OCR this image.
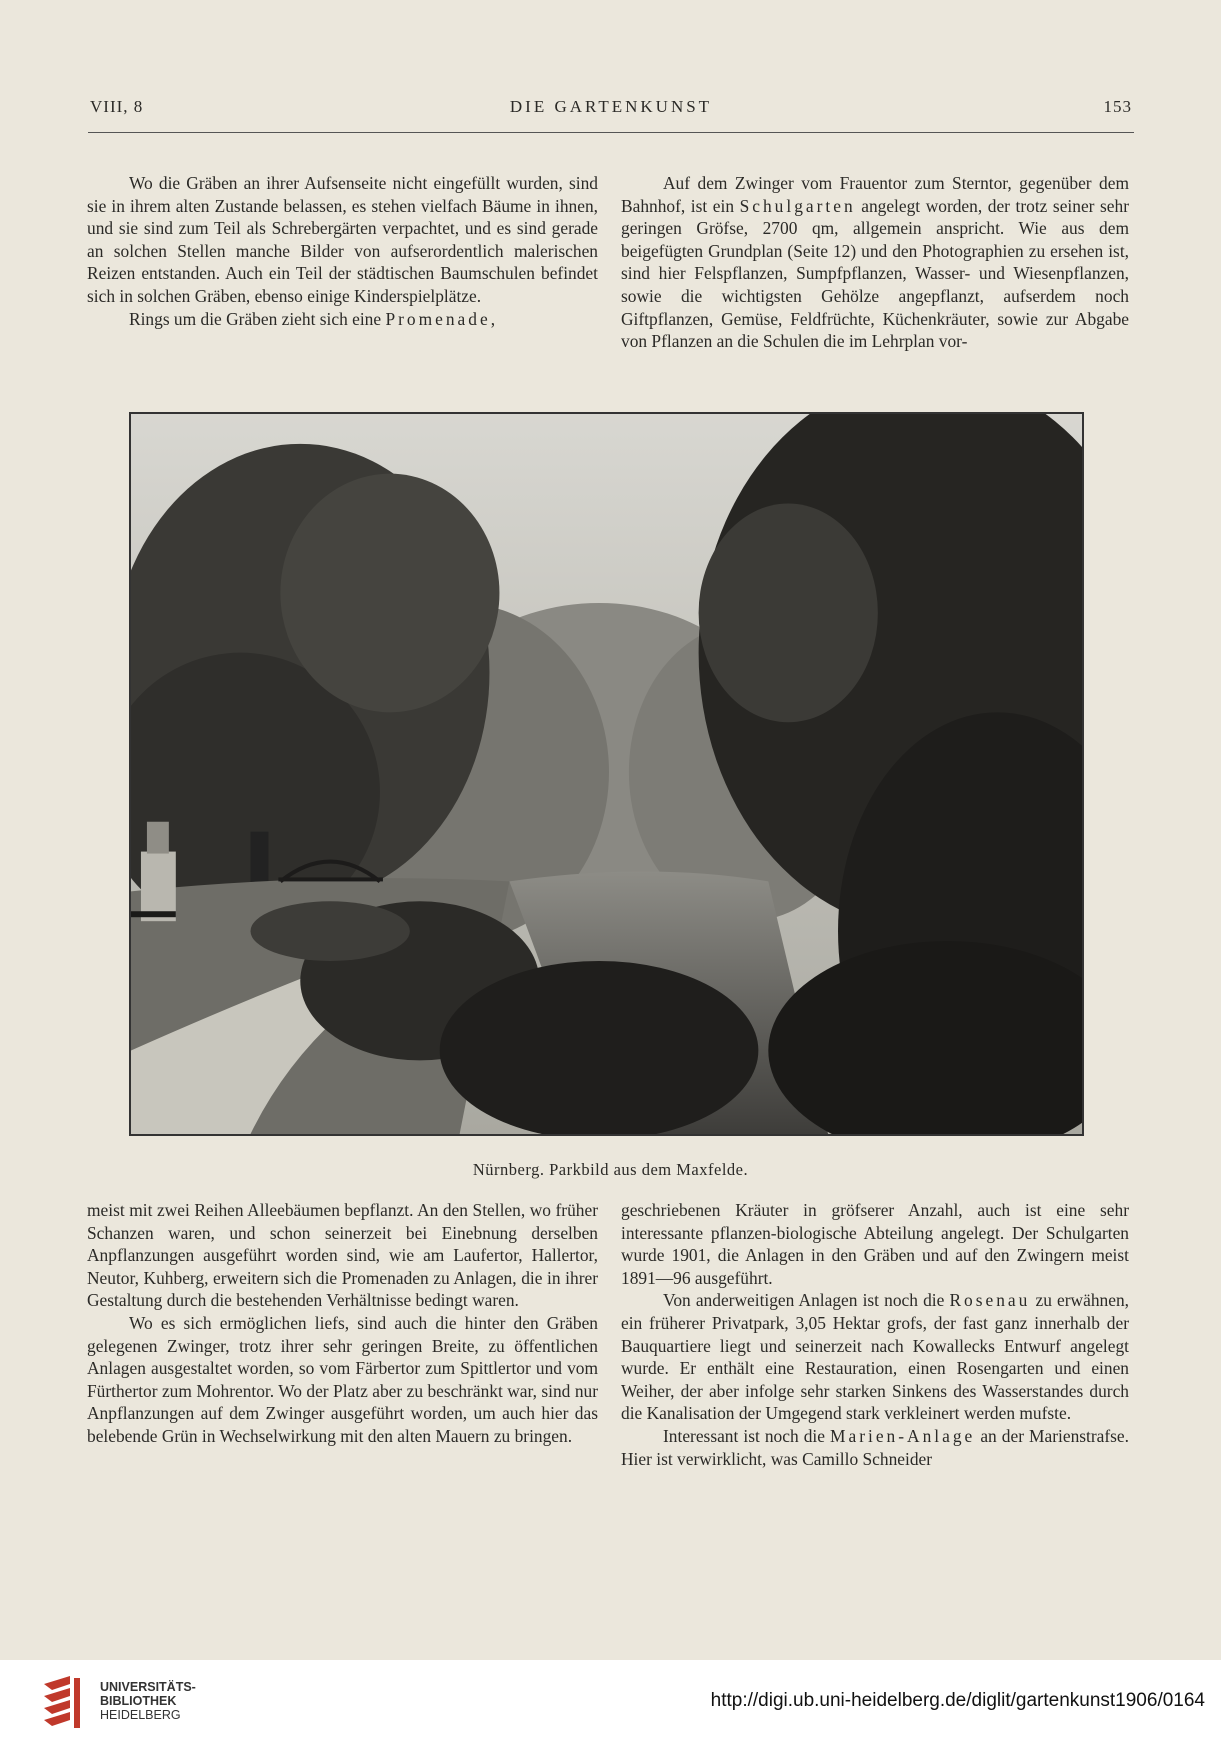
VIII, 8	DIE GARTENKUNST	153

Wo die Gräben an ihrer Aufsenseite nicht eingefüllt wurden, sind sie in ihrem alten Zustande belassen, es stehen vielfach Bäume in ihnen, und sie sind zum Teil als Schrebergärten verpachtet, und es sind gerade an solchen Stellen manche Bilder von aufserordentlich malerischen Reizen entstanden. Auch ein Teil der städtischen Baumschulen befindet sich in solchen Gräben, ebenso einige Kinderspielplätze.

Rings um die Gräben zieht sich eine Promenade,

Auf dem Zwinger vom Frauentor zum Sterntor, gegenüber dem Bahnhof, ist ein Schulgarten angelegt worden, der trotz seiner sehr geringen Gröfse, 2700 qm, allgemein anspricht. Wie aus dem beigefügten Grundplan (Seite 12) und den Photographien zu ersehen ist, sind hier Felspflanzen, Sumpfpflanzen, Wasser- und Wiesenpflanzen, sowie die wichtigsten Gehölze angepflanzt, aufserdem noch Giftpflanzen, Gemüse, Feldfrüchte, Küchenkräuter, sowie zur Abgabe von Pflanzen an die Schulen die im Lehrplan vor-

Nürnberg. Parkbild aus dem Maxfelde.

meist mit zwei Reihen Alleebäumen bepflanzt. An den Stellen, wo früher Schanzen waren, und schon seinerzeit bei Einebnung derselben Anpflanzungen ausgeführt worden sind, wie am Laufertor, Hallertor, Neutor, Kuhberg, erweitern sich die Promenaden zu Anlagen, die in ihrer Gestaltung durch die bestehenden Verhältnisse bedingt waren.

Wo es sich ermöglichen liefs, sind auch die hinter den Gräben gelegenen Zwinger, trotz ihrer sehr geringen Breite, zu öffentlichen Anlagen ausgestaltet worden, so vom Färbertor zum Spittlertor und vom Fürthertor zum Mohrentor. Wo der Platz aber zu beschränkt war, sind nur Anpflanzungen auf dem Zwinger ausgeführt worden, um auch hier das belebende Grün in Wechselwirkung mit den alten Mauern zu bringen.

geschriebenen Kräuter in gröfserer Anzahl, auch ist eine sehr interessante pflanzen-biologische Abteilung angelegt. Der Schulgarten wurde 1901, die Anlagen in den Gräben und auf den Zwingern meist 1891—96 ausgeführt.

Von anderweitigen Anlagen ist noch die Rosenau zu erwähnen, ein früherer Privatpark, 3,05 Hektar grofs, der fast ganz innerhalb der Bauquartiere liegt und seinerzeit nach Kowallecks Entwurf angelegt wurde. Er enthält eine Restauration, einen Rosengarten und einen Weiher, der aber infolge sehr starken Sinkens des Wasserstandes durch die Kanalisation der Umgegend stark verkleinert werden mufste.

Interessant ist noch die Marien-Anlage an der Marienstrafse. Hier ist verwirklicht, was Camillo Schneider

UNIVERSITÄTS-
BIBLIOTHEK
HEIDELBERG
http://digi.ub.uni-heidelberg.de/diglit/gartenkunst1906/0164
